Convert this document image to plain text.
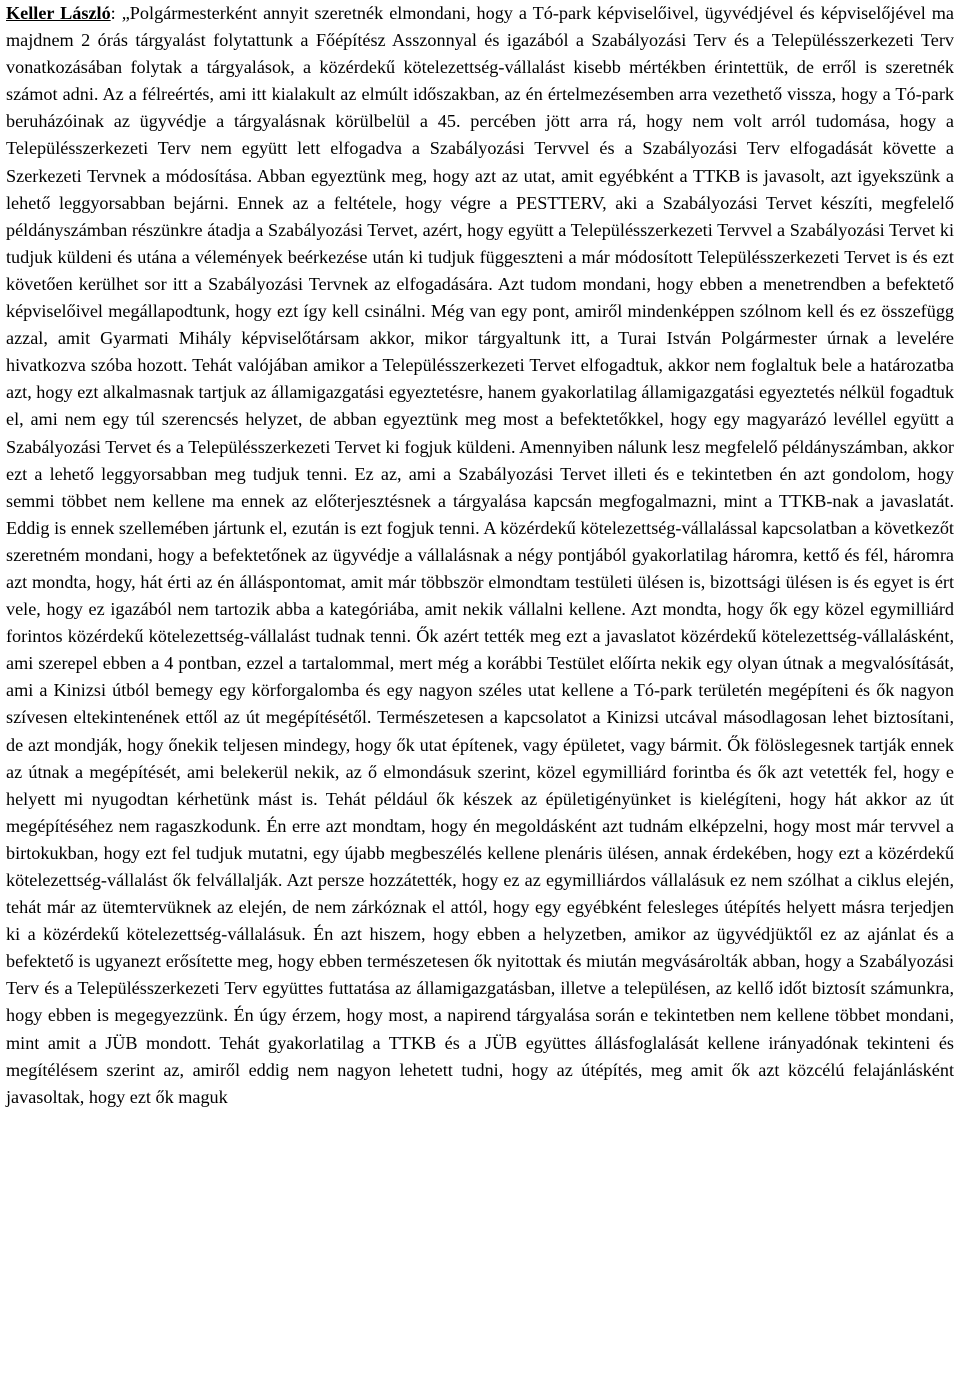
Keller László: „Polgármesterként annyit szeretnék elmondani, hogy a Tó-park képviselőivel, ügyvédjével és képviselőjével ma majdnem 2 órás tárgyalást folytattunk a Főépítész Asszonnyal és igazából a Szabályozási Terv és a Településszerkezeti Terv vonatkozásában folytak a tárgyalások, a közérdekű kötelezettség-vállalást kisebb mértékben érintettük, de erről is szeretnék számot adni. Az a félreértés, ami itt kialakult az elmúlt időszakban, az én értelmezésemben arra vezethető vissza, hogy a Tó-park beruházóinak az ügyvédje a tárgyalásnak körülbelül a 45. percében jött arra rá, hogy nem volt arról tudomása, hogy a Településszerkezeti Terv nem együtt lett elfogadva a Szabályozási Tervvel és a Szabályozási Terv elfogadását követte a Szerkezeti Tervnek a módosítása. Abban egyeztünk meg, hogy azt az utat, amit egyébként a TTKB is javasolt, azt igyekszünk a lehető leggyorsabban bejárni. Ennek az a feltétele, hogy végre a PESTTERV, aki a Szabályozási Tervet készíti, megfelelő példányszámban részünkre átadja a Szabályozási Tervet, azért, hogy együtt a Településszerkezeti Tervvel a Szabályozási Tervet ki tudjuk küldeni és utána a vélemények beérkezése után ki tudjuk függeszteni a már módosított Településszerkezeti Tervet is és ezt követően kerülhet sor itt a Szabályozási Tervnek az elfogadására. Azt tudom mondani, hogy ebben a menetrendben a befektető képviselőivel megállapodtunk, hogy ezt így kell csinálni. Még van egy pont, amiről mindenképpen szólnom kell és ez összefügg azzal, amit Gyarmati Mihály képviselőtársam akkor, mikor tárgyaltunk itt, a Turai István Polgármester úrnak a levelére hivatkozva szóba hozott. Tehát valójában amikor a Településszerkezeti Tervet elfogadtuk, akkor nem foglaltuk bele a határozatba azt, hogy ezt alkalmasnak tartjuk az államigazgatási egyeztetésre, hanem gyakorlatilag államigazgatási egyeztetés nélkül fogadtuk el, ami nem egy túl szerencsés helyzet, de abban egyeztünk meg most a befektetőkkel, hogy egy magyarázó levéllel együtt a Szabályozási Tervet és a Településszerkezeti Tervet ki fogjuk küldeni. Amennyiben nálunk lesz megfelelő példányszámban, akkor ezt a lehető leggyorsabban meg tudjuk tenni. Ez az, ami a Szabályozási Tervet illeti és e tekintetben én azt gondolom, hogy semmi többet nem kellene ma ennek az előterjesztésnek a tárgyalása kapcsán megfogalmazni, mint a TTKB-nak a javaslatát. Eddig is ennek szellemében jártunk el, ezután is ezt fogjuk tenni. A közérdekű kötelezettség-vállalással kapcsolatban a következőt szeretném mondani, hogy a befektetőnek az ügyvédje a vállalásnak a négy pontjából gyakorlatilag háromra, kettő és fél, háromra azt mondta, hogy, hát érti az én álláspontomat, amit már többször elmondtam testületi ülésen is, bizottsági ülésen is és egyet is ért vele, hogy ez igazából nem tartozik abba a kategóriába, amit nekik vállalni kellene. Azt mondta, hogy ők egy közel egymilliárd forintos közérdekű kötelezettség-vállalást tudnak tenni. Ők azért tették meg ezt a javaslatot közérdekű kötelezettség-vállalásként, ami szerepel ebben a 4 pontban, ezzel a tartalommal, mert még a korábbi Testület előírta nekik egy olyan útnak a megvalósítását, ami a Kinizsi útból bemegy egy körforgalomba és egy nagyon széles utat kellene a Tó-park területén megépíteni és ők nagyon szívesen eltekintenének ettől az út megépítésétől. Természetesen a kapcsolatot a Kinizsi utcával másodlagosan lehet biztosítani, de azt mondják, hogy őnekik teljesen mindegy, hogy ők utat építenek, vagy épületet, vagy bármit. Ők fölöslegesnek tartják ennek az útnak a megépítését, ami belekerül nekik, az ő elmondásuk szerint, közel egymilliárd forintba és ők azt vetették fel, hogy e helyett mi nyugodtan kérhetünk mást is. Tehát például ők készek az épületigényünket is kielégíteni, hogy hát akkor az út megépítéséhez nem ragaszkodunk. Én erre azt mondtam, hogy én megoldásként azt tudnám elképzelni, hogy most már tervvel a birtokukban, hogy ezt fel tudjuk mutatni, egy újabb megbeszélés kellene plenáris ülésen, annak érdekében, hogy ezt a közérdekű kötelezettség-vállalást ők felvállalják. Azt persze hozzátették, hogy ez az egymilliárdos vállalásuk ez nem szólhat a ciklus elején, tehát már az ütemtervüknek az elején, de nem zárkóznak el attól, hogy egy egyébként felesleges útépítés helyett másra terjedjen ki a közérdekű kötelezettség-vállalásuk. Én azt hiszem, hogy ebben a helyzetben, amikor az ügyvédjüktől ez az ajánlat és a befektető is ugyanezt erősítette meg, hogy ebben természetesen ők nyitottak és miután megvásárolták abban, hogy a Szabályozási Terv és a Településszerkezeti Terv együttes futtatása az államigazgatásban, illetve a településen, az kellő időt biztosít számunkra, hogy ebben is megegyezzünk. Én úgy érzem, hogy most, a napirend tárgyalása során e tekintetben nem kellene többet mondani, mint amit a JÜB mondott. Tehát gyakorlatilag a TTKB és a JÜB együttes állásfoglalását kellene irányadónak tekinteni és megítélésem szerint az, amiről eddig nem nagyon lehetett tudni, hogy az útépítés, meg amit ők azt közcélú felajánlásként javasoltak, hogy ezt ők maguk
